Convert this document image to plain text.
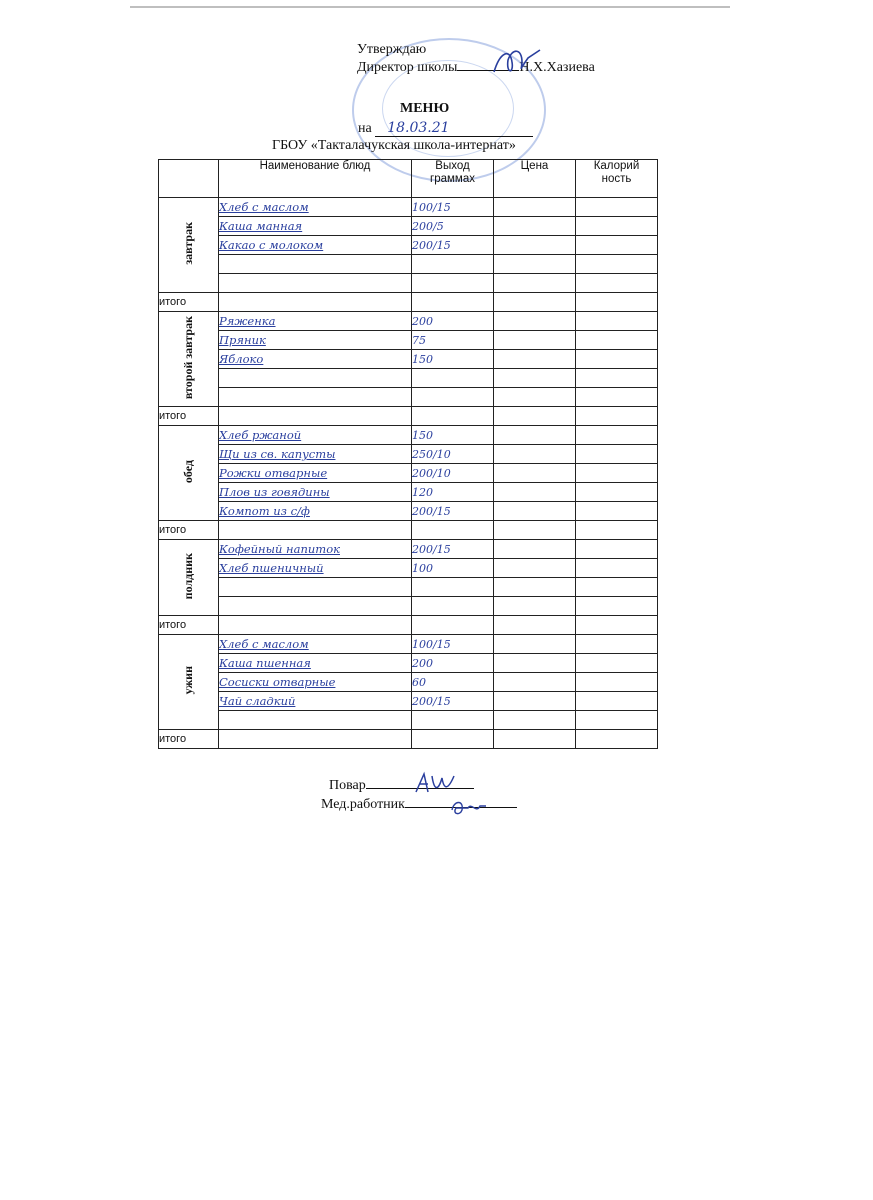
Утверждаю
Директор школы	Н.Х.Хазиева
МЕНЮ
на 18.03.21
ГБОУ «Такталачукская школа-интернат»
	Наименование блюд	Выход граммах	Цена	Калорий ность
завтрак	Хлеб с маслом	100/15		
	Каша манная	200/5		
	Какао с молоком	200/15		

итого				
второй завтрак	Ряженка	200		
	Пряник	75		
	Яблоко	150		

итого				
обед	Хлеб ржаной	150		
	Щи из св. капусты	250/10		
	Рожки отварные	200/10		
	Плов из говядины	120		
	Компот из с/ф	200/15		
итого				
полдник	Кофейный напиток	200/15		
	Хлеб пшеничный	100		

итого				
ужин	Хлеб с маслом	100/15		
	Каша пшенная	200		
	Сосиски отварные	60		
	Чай сладкий	200/15		

итого				
Повар
Мед.работник
